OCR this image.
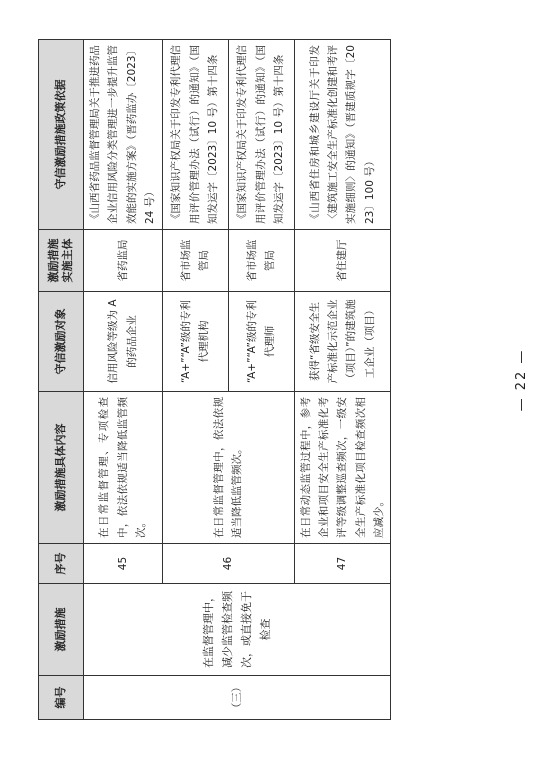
编号	激励措施	序号	激励措施具体内容	守信激励对象	激励措施实施主体	守信激励措施政策依据
（三）	在监督管理中，减少监管检查频次，或直接免于检查	45	在日常监督管理、专项检查中，依法依规适当降低监管频次。	信用风险等级为 A 的药品企业	省药监局	《山西省药品监督管理局关于推进药品企业信用风险分类管理进一步提升监管效能的实施方案》（晋药监办〔2023〕24 号）
		46	在日常监督管理中，依法依规适当降低监管频次。	“A+”“A”级的专利代理机构	省市场监管局	《国家知识产权局关于印发专利代理信用评价管理办法（试行）的通知》（国知发运字〔2023〕10 号）第十四条
				“A+”“A”级的专利代理师	省市场监管局	《国家知识产权局关于印发专利代理信用评价管理办法（试行）的通知》（国知发运字〔2023〕10 号）第十四条
		47	在日常动态监管过程中，参考企业和项目安全生产标准化考评等级调整巡查频次，一级安全生产标准化项目检查频次相应减少。	获得“省级安全生产标准化示范企业（项目）”的建筑施工企业（项目）	省住建厅	《山西省住房和城乡建设厅关于印发〈建筑施工安全生产标准化创建和考评实施细则〉的通知》（晋建质规字〔2023〕100 号）
— 22 —
